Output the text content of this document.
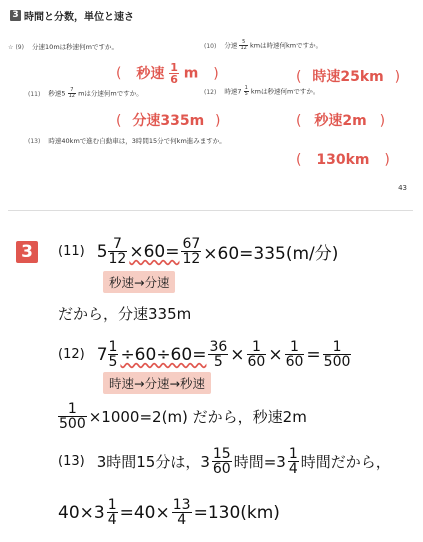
3 時間と分数，単位と速さ
☆ (9) 分速10mは秒速何mですか。	(10) 分速 $\frac{5}{12}$ kmは時速何kmですか。
( 秒速 $\frac{1}{6}$ m )	( 時速25km )
(11) 秒速$5 \frac{7}{12}$ mは分速何mですか。	(12) 時速$7 \frac{1}{5}$ kmは秒速何mですか。
( 分速335m )	( 秒速2m )
(13) 時速40kmで進む自動車は，3時間15分で何km進みますか。
( 130km )
43
3	(11) $5 \frac{7}{12} \times 60= \frac{67}{12} \times 60=335(m/$分)
秒速→分速
だから，分速335m
(12) $7 \frac{1}{5} \div 60\div 60= \frac{36}{5} \times \frac{1}{60} \times \frac{1}{60} = \frac{1}{500}$
時速→分速→秒速
$\frac{1}{500} \times 1000=2(m)$ だから，秒速2m
(13) 3時間15分は，$3 \frac{15}{60}$ 時間$=3 \frac{1}{4}$ 時間だから，
$40\times 3 \frac{1}{4} =40\times \frac{13}{4} =130(km)$
